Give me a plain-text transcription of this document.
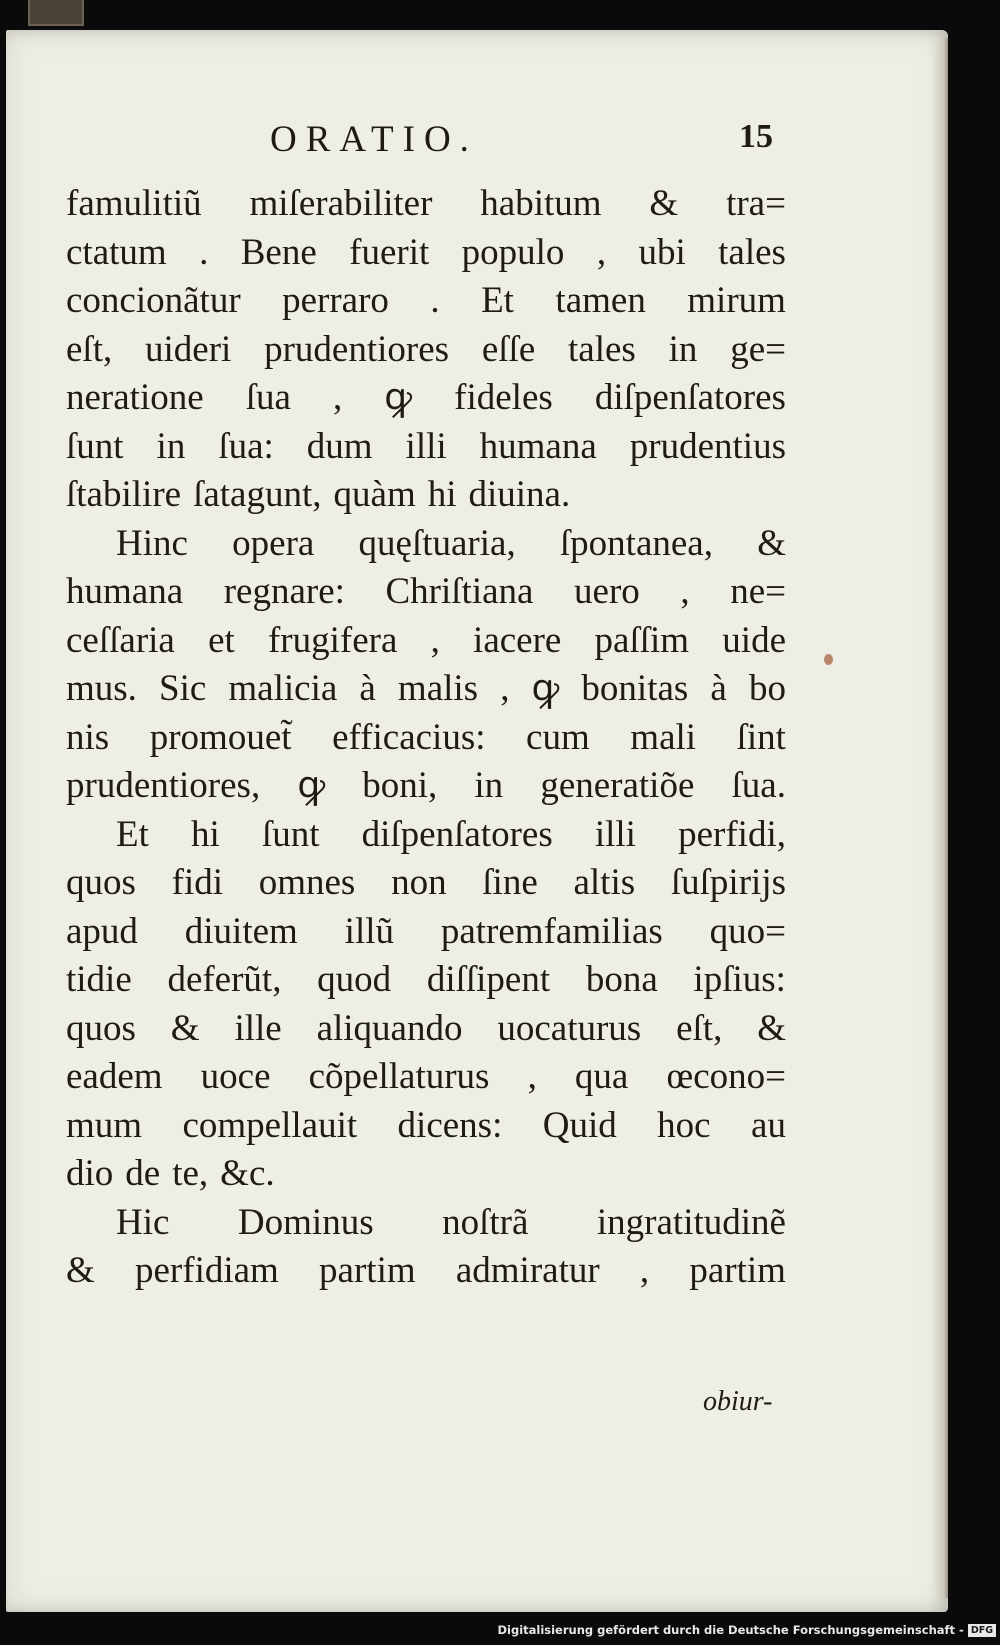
ORATIO.	15
famulitiũ miſerabiliter habitum & tra=
ctatum . Bene fuerit populo , ubi tales
concionãtur perraro . Et tamen mirum
eſt, uideri prudentiores eſſe tales in ge=
neratione ſua , ꝙ fideles diſpenſatores
ſunt in ſua: dum illi humana prudentius
ſtabilire ſatagunt, quàm hi diuina.
Hinc opera quęſtuaria, ſpontanea, &
humana regnare: Chriſtiana uero , ne=
ceſſaria et frugifera , iacere paſſim uide
mus. Sic malicia à malis , ꝙ bonitas à bo
nis promouet̃ efficacius: cum mali ſint
prudentiores, ꝙ boni, in generatiõe ſua.
Et hi ſunt diſpenſatores illi perfidi,
quos fidi omnes non ſine altis ſuſpirijs
apud diuitem illũ patremfamilias quo=
tidie deferũt, quod diſſipent bona ipſius:
quos & ille aliquando uocaturus eſt, &
eadem uoce cõpellaturus , qua œcono=
mum compellauit dicens: Quid hoc au
dio de te, &c.
Hic Dominus noſtrã ingratitudinẽ
& perfidiam partim admiratur , partim
obiur-
Digitalisierung gefördert durch die Deutsche Forschungsgemeinschaft - DFG
